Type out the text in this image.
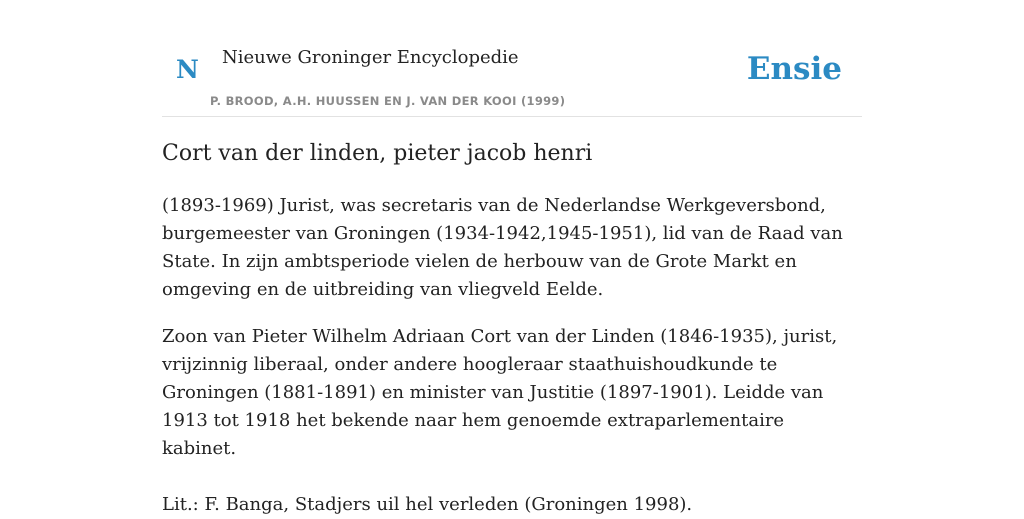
N Nieuwe Groninger Encyclopedie
P. BROOD, A.H. HUUSSEN EN J. VAN DER KOOI (1999)
Ensie
Cort van der linden, pieter jacob henri

(1893-1969) Jurist, was secretaris van de Nederlandse Werkgeversbond, burgemeester van Groningen (1934-1942,1945-1951), lid van de Raad van State. In zijn ambtsperiode vielen de herbouw van de Grote Markt en omgeving en de uitbreiding van vliegveld Eelde.

Zoon van Pieter Wilhelm Adriaan Cort van der Linden (1846-1935), jurist, vrijzinnig liberaal, onder andere hoogleraar staathuishoudkunde te Groningen (1881-1891) en minister van Justitie (1897-1901). Leidde van 1913 tot 1918 het bekende naar hem genoemde extraparlementaire kabinet.

Lit.: F. Banga, Stadjers uil hel verleden (Groningen 1998).
